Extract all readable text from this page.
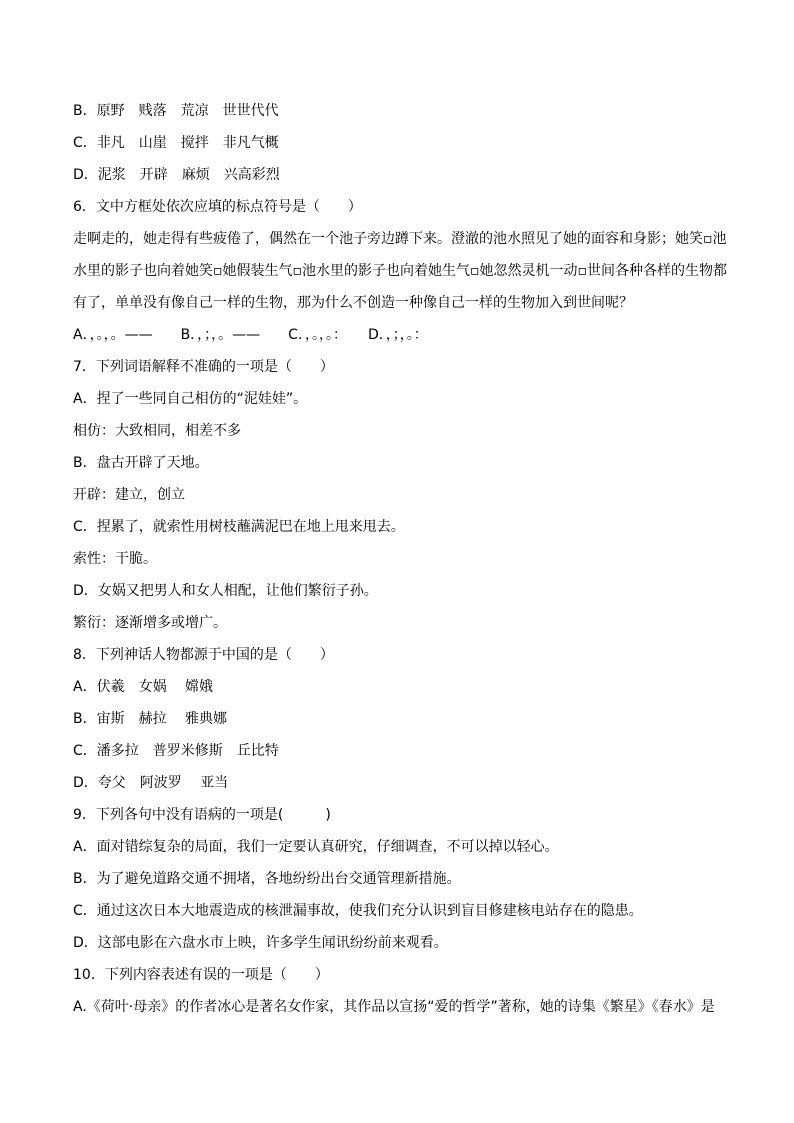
B．原野　贱落　荒凉　世世代代
C．非凡　山崖　搅拌　非凡气概
D．泥浆　开辟　麻烦　兴高彩烈
6．文中方框处依次应填的标点符号是（　　）
走啊走的，她走得有些疲倦了，偶然在一个池子旁边蹲下来。澄澈的池水照见了她的面容和身影；她笑▫池
水里的影子也向着她笑▫她假装生气▫池水里的影子也向着她生气▫她忽然灵机一动▫世间各种各样的生物都
有了，单单没有像自己一样的生物，那为什么不创造一种像自己一样的生物加入到世间呢？
A．，。，。——　　B．，；，。——　　C．，。，。：　　D．，；，。：
7．下列词语解释不准确的一项是（　　）
A．捏了一些同自己相仿的“泥娃娃”。
相仿：大致相同，相差不多
B．盘古开辟了天地。
开辟：建立，创立
C．捏累了，就索性用树枝蘸满泥巴在地上甩来甩去。
索性：干脆。
D．女娲又把男人和女人相配，让他们繁衍子孙。
繁衍：逐渐增多或增广。
8．下列神话人物都源于中国的是（　　）
A．伏羲　女娲　 嫦娥
B．宙斯　赫拉　 雅典娜
C．潘多拉　普罗米修斯　丘比特
D．夸父　阿波罗　 亚当
9．下列各句中没有语病的一项是(　　　)
A．面对错综复杂的局面，我们一定要认真研究，仔细调查，不可以掉以轻心。
B．为了避免道路交通不拥堵，各地纷纷出台交通管理新措施。
C．通过这次日本大地震造成的核泄漏事故，使我们充分认识到盲目修建核电站存在的隐患。
D．这部电影在六盘水市上映，许多学生闻讯纷纷前来观看。
10．下列内容表述有误的一项是（　　）
A.《荷叶·母亲》的作者冰心是著名女作家，其作品以宣扬“爱的哲学”著称，她的诗集《繁星》《春水》是
